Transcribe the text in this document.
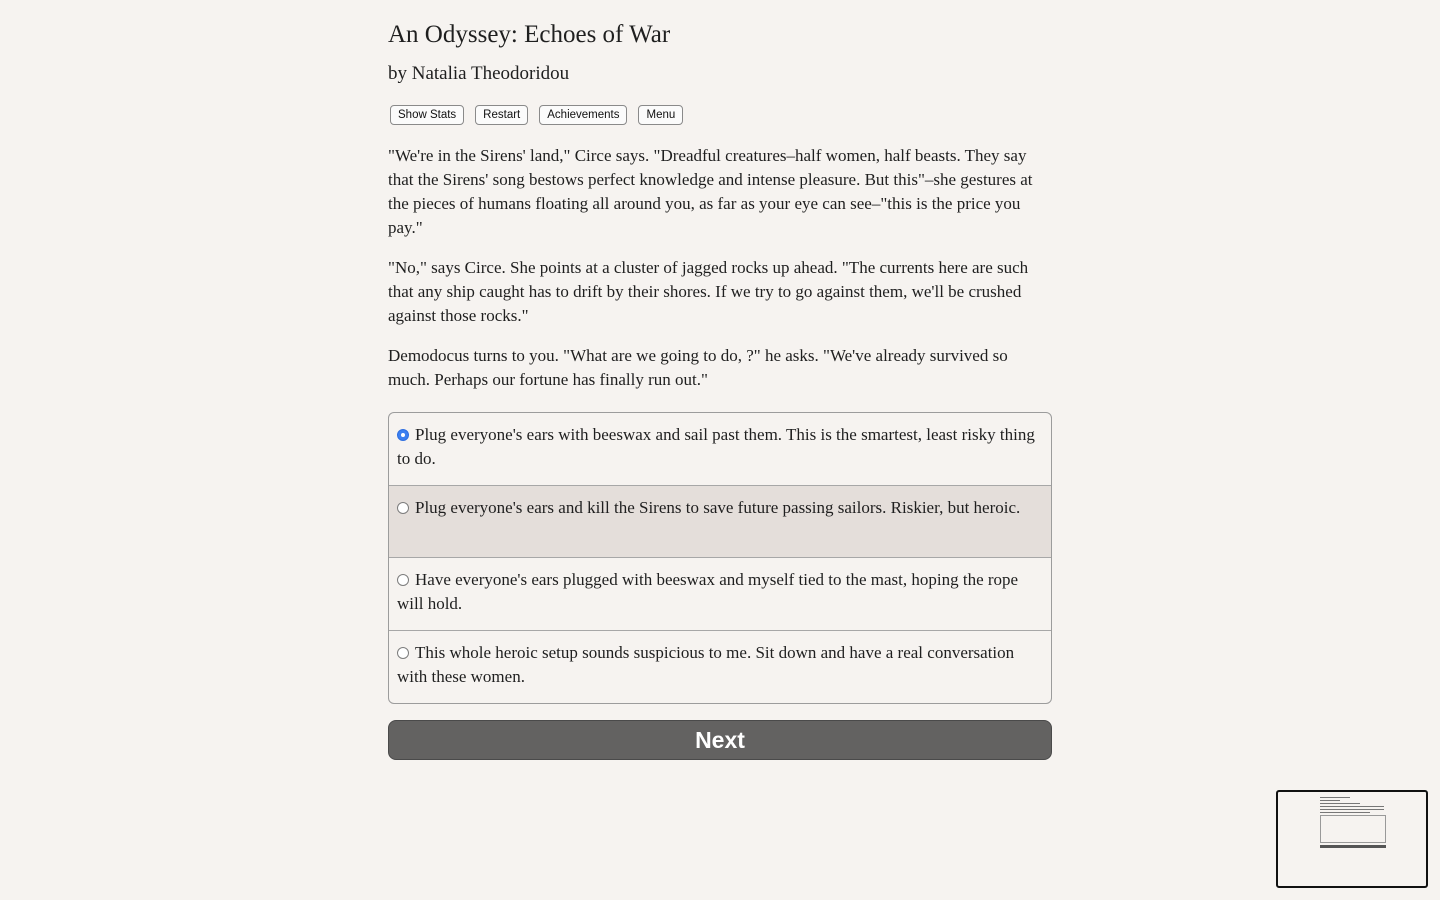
An Odyssey: Echoes of War
by Natalia Theodoridou
Show Stats	Restart	Achievements	Menu

"We're in the Sirens' land," Circe says. "Dreadful creatures–half women, half beasts. They say that the Sirens' song bestows perfect knowledge and intense pleasure. But this"–she gestures at the pieces of humans floating all around you, as far as your eye can see–"this is the price you pay."

"No," says Circe. She points at a cluster of jagged rocks up ahead. "The currents here are such that any ship caught has to drift by their shores. If we try to go against them, we'll be crushed against those rocks."

Demodocus turns to you. "What are we going to do, ?" he asks. "We've already survived so much. Perhaps our fortune has finally run out."

Plug everyone's ears with beeswax and sail past them. This is the smartest, least risky thing to do.
Plug everyone's ears and kill the Sirens to save future passing sailors. Riskier, but heroic.
Have everyone's ears plugged with beeswax and myself tied to the mast, hoping the rope will hold.
This whole heroic setup sounds suspicious to me. Sit down and have a real conversation with these women.
Next
